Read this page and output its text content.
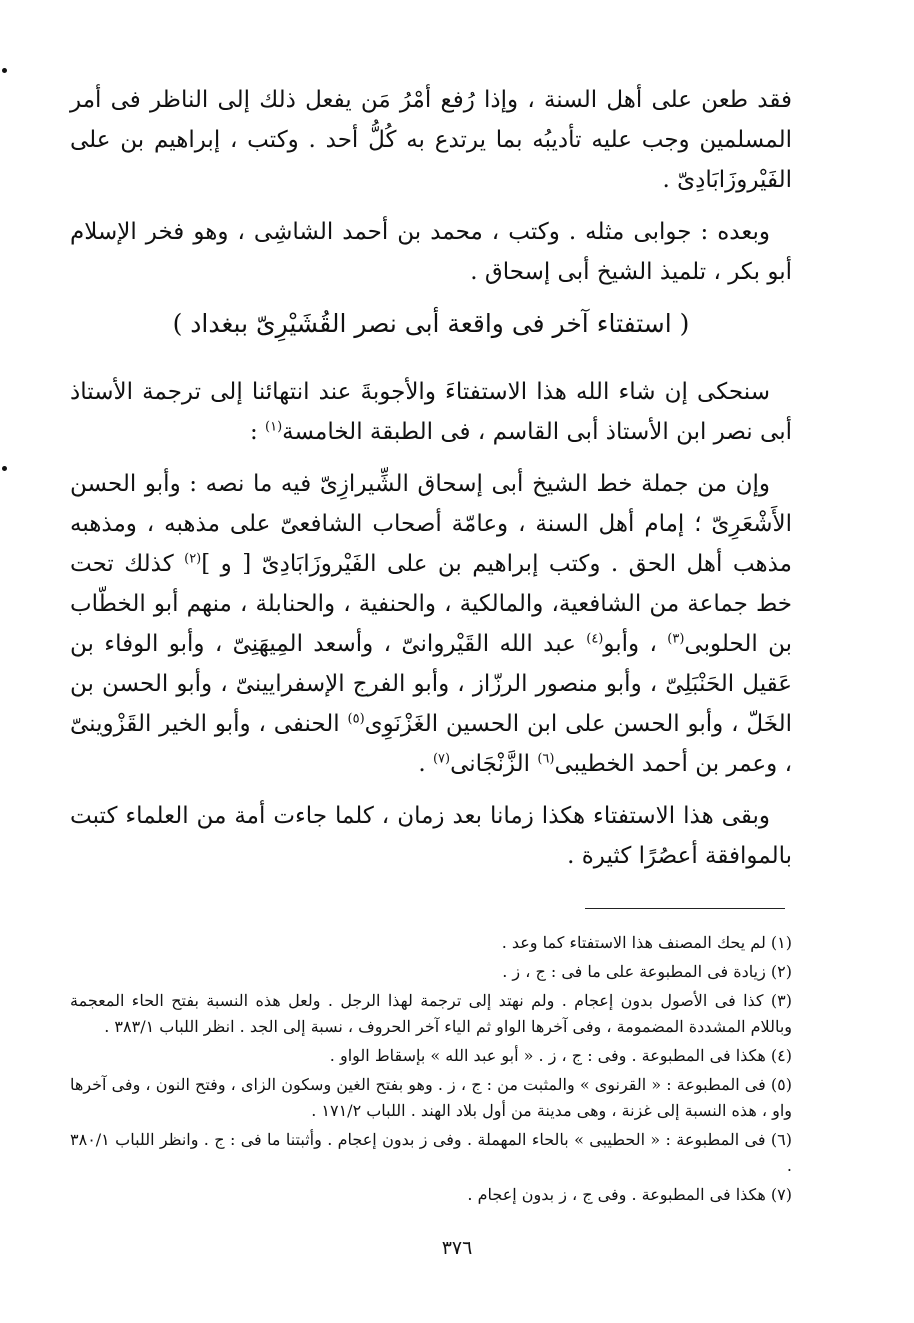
فقد طعن على أهل السنة ، وإذا رُفع أمْرُ مَن يفعل ذلك إلى الناظر فى أمر المسلمين وجب عليه تأديبُه بما يرتدع به كُلُّ أحد . وكتب ، إبراهيم بن على الفَيْروزَابَادِىّ .

وبعده : جوابى مثله . وكتب ، محمد بن أحمد الشاشِى ، وهو فخر الإسلام أبو بكر ، تلميذ الشيخ أبى إسحاق .

( استفتاء آخر فى واقعة أبى نصر القُشَيْرِىّ ببغداد )

سنحكى إن شاء الله هذا الاستفتاءَ والأجوبةَ عند انتهائنا إلى ترجمة الأستاذ أبى نصر ابن الأستاذ أبى القاسم ، فى الطبقة الخامسة$^{(١)}$ :

وإن من جملة خط الشيخ أبى إسحاق الشِّيرازِىّ فيه ما نصه : وأبو الحسن الأَشْعَرِىّ ؛ إمام أهل السنة ، وعامّة أصحاب الشافعىّ على مذهبه ، ومذهبه مذهب أهل الحق . وكتب إبراهيم بن على الفَيْروزَابَادِىّ [ و ]$^{(٢)}$ كذلك تحت خط جماعة من الشافعية، والمالكية ، والحنفية ، والحنابلة ، منهم أبو الخطّاب بن الحلوبى$^{(٣)}$ ، وأبو$^{(٤)}$ عبد الله القَيْروانىّ ، وأسعد المِيهَنِىّ ، وأبو الوفاء بن عَقيل الحَنْبَلِىّ ، وأبو منصور الرزّاز ، وأبو الفرج الإسفرايينىّ ، وأبو الحسن بن الخَلّ ، وأبو الحسن على ابن الحسين الغَزْنَوِى$^{(٥)}$ الحنفى ، وأبو الخير القَزْوينىّ ، وعمر بن أحمد الخطيبى$^{(٦)}$ الزَّنْجَانى$^{(٧)}$ .

وبقى هذا الاستفتاء هكذا زمانا بعد زمان ، كلما جاءت أمة من العلماء كتبت بالموافقة أعصُرًا كثيرة .

(١) لم يحك المصنف هذا الاستفتاء كما وعد .

(٢) زيادة فى المطبوعة على ما فى : ج ، ز .

(٣) كذا فى الأصول بدون إعجام . ولم نهتد إلى ترجمة لهذا الرجل . ولعل هذه النسبة بفتح الحاء المعجمة وباللام المشددة المضمومة ، وفى آخرها الواو ثم الياء آخر الحروف ، نسبة إلى الجد . انظر اللباب ٣٨٣/١ .

(٤) هكذا فى المطبوعة . وفى : ج ، ز . « أبو عبد الله » بإسقاط الواو .

(٥) فى المطبوعة : « القرنوى » والمثبت من : ج ، ز . وهو بفتح الغين وسكون الزاى ، وفتح النون ، وفى آخرها واو ، هذه النسبة إلى غزنة ، وهى مدينة من أول بلاد الهند . اللباب ١٧١/٢ .

(٦) فى المطبوعة : « الحطيبى » بالحاء المهملة . وفى ز بدون إعجام . وأثبتنا ما فى : ج . وانظر اللباب ٣٨٠/١ .

(٧) هكذا فى المطبوعة . وفى ج ، ز بدون إعجام .

٣٧٦
